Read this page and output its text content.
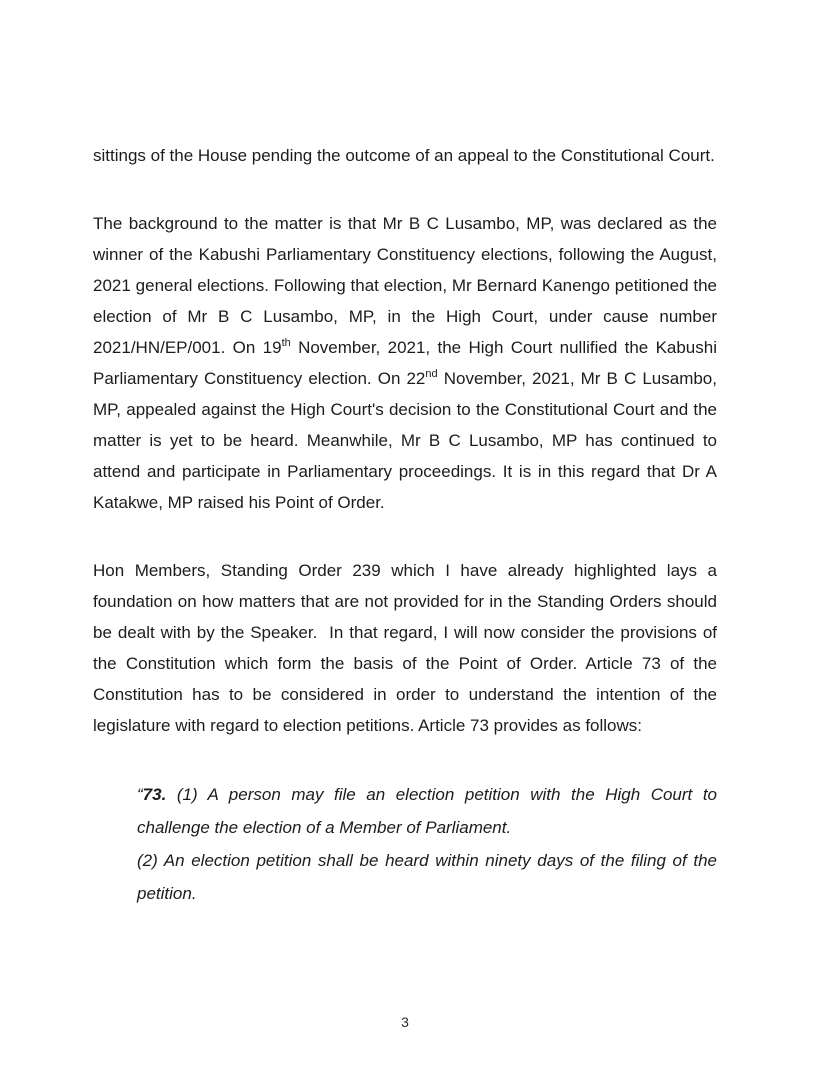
sittings of the House pending the outcome of an appeal to the Constitutional Court.

The background to the matter is that Mr B C Lusambo, MP, was declared as the winner of the Kabushi Parliamentary Constituency elections, following the August, 2021 general elections. Following that election, Mr Bernard Kanengo petitioned the election of Mr B C Lusambo, MP, in the High Court, under cause number 2021/HN/EP/001. On 19th November, 2021, the High Court nullified the Kabushi Parliamentary Constituency election. On 22nd November, 2021, Mr B C Lusambo, MP, appealed against the High Court's decision to the Constitutional Court and the matter is yet to be heard. Meanwhile, Mr B C Lusambo, MP has continued to attend and participate in Parliamentary proceedings. It is in this regard that Dr A Katakwe, MP raised his Point of Order.

Hon Members, Standing Order 239 which I have already highlighted lays a foundation on how matters that are not provided for in the Standing Orders should be dealt with by the Speaker.  In that regard, I will now consider the provisions of the Constitution which form the basis of the Point of Order. Article 73 of the Constitution has to be considered in order to understand the intention of the legislature with regard to election petitions. Article 73 provides as follows:

“73. (1) A person may file an election petition with the High Court to challenge the election of a Member of Parliament.

(2) An election petition shall be heard within ninety days of the filing of the petition.

3
